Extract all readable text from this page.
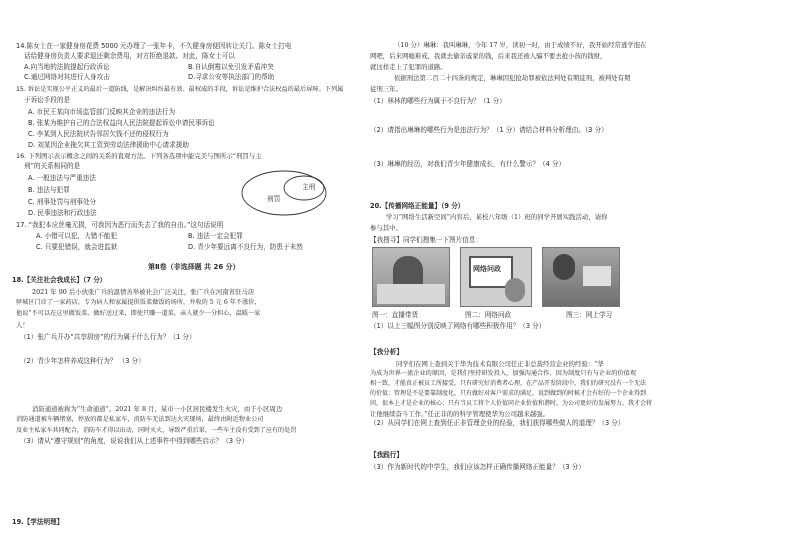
14.陈女士在一家健身房花费 5000 元办理了一张年卡，不久健身房便因转让关门。陈女士打电
话给健身房负责人要求退还剩余费用，对方拒绝退款。对此，陈女士可以
A.向当地的法院提起行政诉讼	B.自认倒霉以免引发矛盾冲突
C.通过网络对其进行人身攻击	D.寻求公安等执法部门的帮助
15. 诉讼是实现公平正义的最后一道防线，是解决纠纷最有效、最权威的手段，诉讼是维护合法权益的最后屏障。下列属
于诉讼手段的是
A. 市民王某向市场监管部门反映其企业的违法行为
B. 张某为维护自己的合法权益向人民法院提起诉讼申请民事诉讼
C. 李某到人民法院状告邻居欠钱不还的侵权行为
D. 刘某因企业拖欠其工资到劳动法律援助中心请求援助
16. 下列图示表示概念之间的关系的直观方法。下列各选项中能完美与图所示“刑罚与主
刑”的关系相同的是
A. 一般违法与严重违法
B. 违法与犯罪
C. 刑事处罚与刑事处分
D. 民事违法和行政违法
主刑
刑罚
17. “我犯本应丝毫无损，可我因为恶行而失去了我的自由。”这句话说明
A. 小错可以犯，大错不能犯	B. 违法一定会犯罪
C. 只要犯错误，就会进监狱	D. 青少年要远离不良行为，防患于未然
第Ⅱ卷（非选择题 共 26 分）
18.【关注社会我成长】（7 分）
2021 年 90 后小伙张广兵的温情善举被社会广泛关注，张广兵在河南省驻马店
驿城区门诊了一家药店，专为病人和家属提供饭菜做饭的场所，并收的 5 元 6 年不涨价，
他说“不可以在这里做饭菜、做好送过来，即使只赚一道菜，亲人就少一分担心，温暖一家
人！
（1）张广兵开办“共享厨房”的行为属于什么行为？（1 分）
（2）青少年怎样养成这种行为？ （3 分）
消防通道被称为“生命通道”。2021 年 8 月，某市一小区居民楼发生火灾，由于小区周边
消防通道被车辆堵塞，停放的都是私家车，消防车无法到达火灾现场，最终由附近物业公司
及业主私家车共同配合，消防车才得以出动，同时灭火，导致严重后果，一些车主没有受到了应有的处罚
（3）请从“遵守规则”的角度，说说我们从上述事件中得到哪些启示？（3 分）
19.【学法明理】
（10 分）琳琳：我叫琳琳，今年 17 岁，读初一时，由于成绩不好，我开始经常逃学泡在
网吧，后来网瘾难戒，我就去偷亲戚家的钱，后来我还被人骗不要去抢小孩的钱财，
就这样走上了犯罪的道路。
依据刑法第二百二十四条的规定，琳琳因犯抢劫罪被依法判处有期徒刑，被判处有期
徒刑三年。
（1）林林的哪些行为属于不良行为？（1 分）
（2）请指出琳琳的哪些行为是违法行为？（1 分）请结合材料分析理由。（3 分）
（3）琳琳的经历，对我们青少年健康成长，有什么警示？（4 分）
20.【传播网络正能量】（9 分）
学习“网络生活新空间”内容后，某校八年级（1）班的同学开展实践活动，请你
参与其中。
【我搜寻】同学们搜集一下图片信息：
网络问政
图一：直播带货	图二：网络问政	图三：网上学习
（1）以上三幅图分别反映了网络有哪些积极作用？（3 分）
【我分析】
同学们在网上查到关于华为技术有限公司任正非总裁经营企业的经验：“华
为成为世界一流企业的原因，是我们坚持研发投入，加强沟通合作，因为制度只有与企业的价值观
相一致，才能真正被员工所接受，只有研究好消费者心理，在产品开发阶段中，我们的研究没有一个无法
的价值：管理是不是要靠制度化，只有做好对客户需求的满足，说到做到的时候才会有好的一个企业得到
问，很本上才是企业的核心；只有当员工将个人价值同企业价值和谐时，为公司更好的发展努力，我才会将
让他继续奋斗工作。”任正非的的科学管理使华为公司越来越强。
（2）从同学们在网上查到任正非管理企业的经验，我们获得哪些做人的道理？（3 分）
【我践行】
（3）作为新时代的中学生，我们应该怎样正确传播网络正能量？（3 分）
